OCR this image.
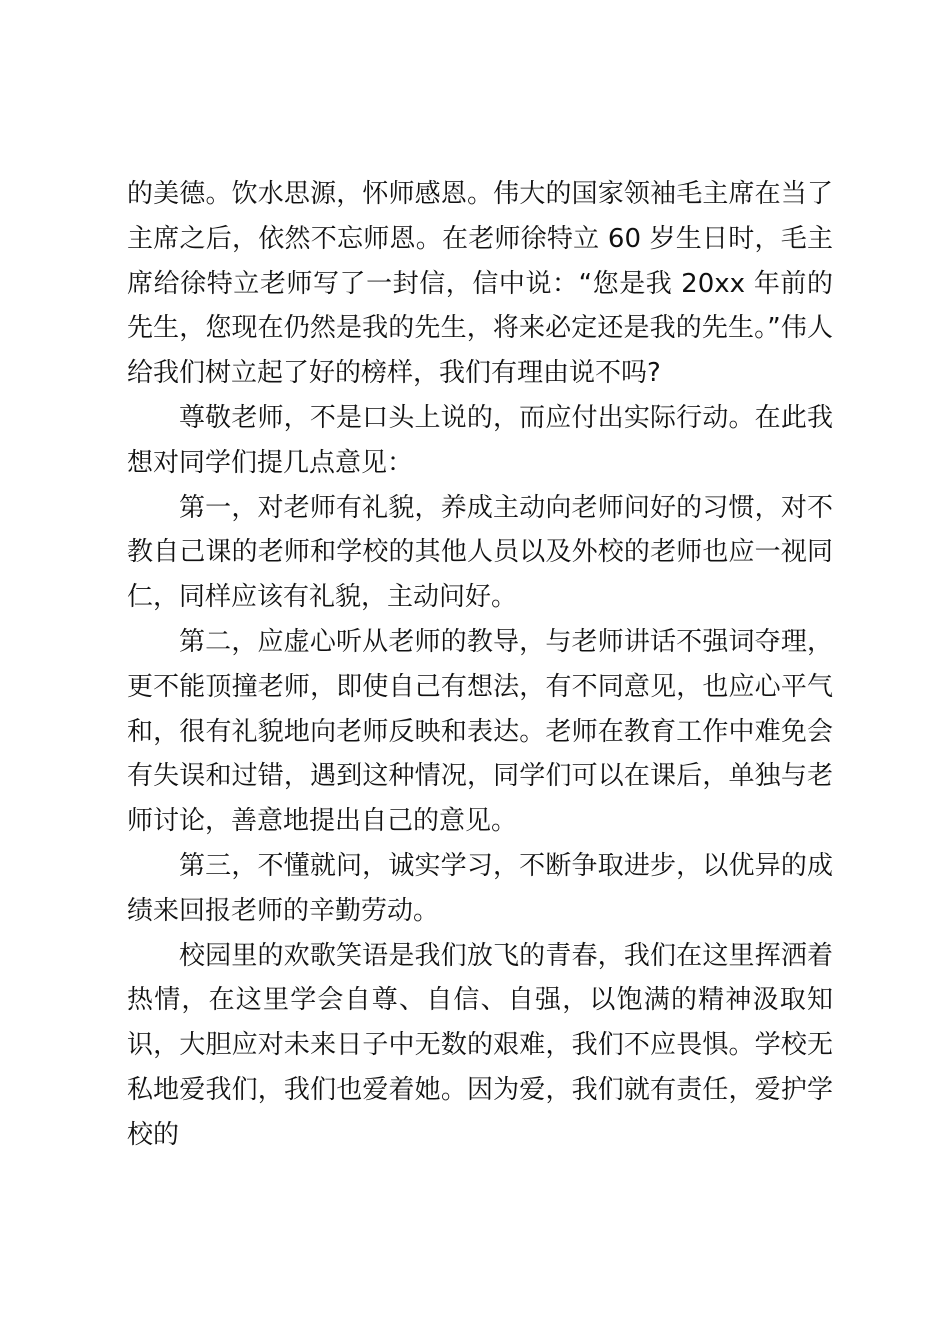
的美德。饮水思源，怀师感恩。伟大的国家领袖毛主席在当了主席之后，依然不忘师恩。在老师徐特立 60 岁生日时，毛主席给徐特立老师写了一封信，信中说：“您是我 20xx 年前的先生，您现在仍然是我的先生，将来必定还是我的先生。”伟人给我们树立起了好的榜样，我们有理由说不吗?

尊敬老师，不是口头上说的，而应付出实际行动。在此我想对同学们提几点意见：

第一，对老师有礼貌，养成主动向老师问好的习惯，对不教自己课的老师和学校的其他人员以及外校的老师也应一视同仁，同样应该有礼貌，主动问好。

第二，应虚心听从老师的教导，与老师讲话不强词夺理，更不能顶撞老师，即使自己有想法，有不同意见，也应心平气和，很有礼貌地向老师反映和表达。老师在教育工作中难免会有失误和过错，遇到这种情况，同学们可以在课后，单独与老师讨论，善意地提出自己的意见。

第三，不懂就问，诚实学习，不断争取进步，以优异的成绩来回报老师的辛勤劳动。

校园里的欢歌笑语是我们放飞的青春，我们在这里挥洒着热情，在这里学会自尊、自信、自强，以饱满的精神汲取知识，大胆应对未来日子中无数的艰难，我们不应畏惧。学校无私地爱我们，我们也爱着她。因为爱，我们就有责任，爱护学校的
